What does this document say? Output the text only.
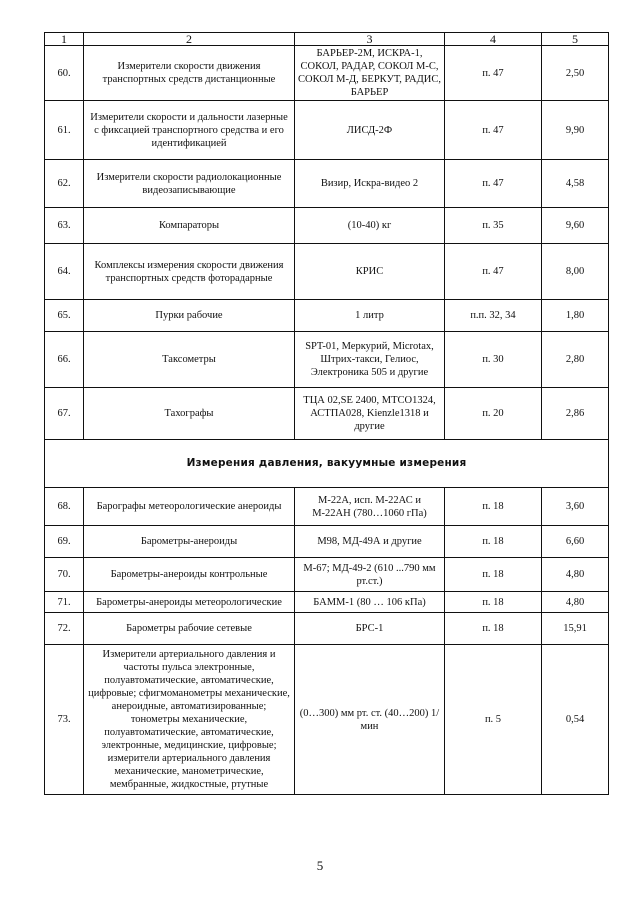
1	2	3	4	5
60.	Измерители скорости движения транспортных средств дистанционные	БАРЬЕР-2М, ИСКРА-1, СОКОЛ, РАДАР, СОКОЛ М-С, СОКОЛ М-Д, БЕРКУТ, РАДИС, БАРЬЕР	п. 47	2,50
61.	Измерители скорости и дальности лазерные с фиксацией транспортного средства и его идентификацией	ЛИСД-2Ф	п. 47	9,90
62.	Измерители скорости радиолокационные видеозаписывающие	Визир, Искра-видео 2	п. 47	4,58
63.	Компараторы	(10-40) кг	п. 35	9,60
64.	Комплексы измерения скорости движения транспортных средств фоторадарные	КРИС	п. 47	8,00
65.	Пурки рабочие	1 литр	п.п. 32, 34	1,80
66.	Таксометры	SPT-01, Меркурий, Microtax, Штрих-такси, Гелиос, Электроника 505 и другие	п. 30	2,80
67.	Тахографы	ТЦА 02,SE 2400, MTCO1324, АСТПА028, Kienzle1318 и другие	п. 20	2,86
Измерения давления, вакуумные измерения				
68.	Барографы метеорологические анероиды	М-22А, исп. М-22АС и М-22АН (780…1060 гПа)	п. 18	3,60
69.	Барометры-анероиды	М98, МД-49А и другие	п. 18	6,60
70.	Барометры-анероиды контрольные	М-67; МД-49-2 (610 ...790 мм рт.ст.)	п. 18	4,80
71.	Барометры-анероиды метеорологические	БАММ-1 (80 … 106 кПа)	п. 18	4,80
72.	Барометры рабочие сетевые	БРС-1	п. 18	15,91
73.	Измерители артериального давления и частоты пульса электронные, полуавтоматические, автоматические, цифровые; сфигмоманометры механические, анероидные, автоматизированные; тонометры механические, полуавтоматические, автоматические, электронные, медицинские, цифровые; измерители артериального давления механические, манометрические, мембранные, жидкостные, ртутные	(0…300) мм рт. ст. (40…200) 1/мин	п. 5	0,54
5
